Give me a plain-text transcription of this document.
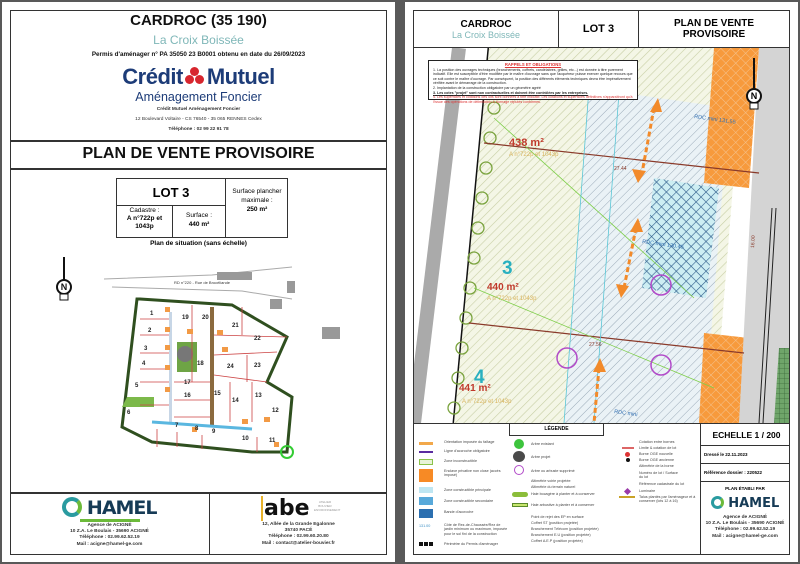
CARDROC (35 190)
La Croix Boissée
Permis d'aménager n° PA 35050 23 B0001 obtenu en date du 26/09/2023
Crédit Mutuel
Aménagement Foncier
Crédit Mutuel Aménagement Foncier
12 Boulevard Voltaire - CS 76540 - 35 065 RENNES Cedex
Téléphone : 02 99 22 91 78
PLAN DE VENTE PROVISOIRE
LOT 3
Cadastre :
A n°722p et 1043p
Surface :
440 m²
Surface plancher maximale :
250 m²
Plan de situation (sans échelle)
N	RD n°220 - Rue de Brocéliande
1
2
3
4
5
6
7	8 9
10	11
12
13
14
15
16
17
18
19 20
21
22
23
24
HAMEL
Agence de ACIGNÉ
10 Z.A. Le Boulais - 35690 ACIGNÉ
Téléphone : 02.99.62.52.19
Mail : acigne@hamel-ge.com
abe	ATELIER BOUVIER ENVIRONNEMENT
12, Allée de la Grande Egalonne
35740 PACÉ
Téléphone : 02.99.60.20.80
Mail : contact@atelier-bouvier.fr
CARDROC
La Croix Boissée	LOT 3	PLAN DE VENTE
PROVISOIRE
N
438 m²
A n°722p et 1043p
3
440 m²
A n°722p et 1043p
4
441 m²
A n°722p et 1043p
RDC mini 131.55
RDC mini 130.45
RDC mini
27.44
27.56
16.00
RAPPELS ET OBLIGATIONS
1. La position des ouvrages techniques (branchements, coffrets, candélabres, grilles, etc...) est donnée à titre purement indicatif. Elle est susceptible d'être modifiée par le maître d'ouvrage sans que l'acquéreur puisse exercer quelque recours que ce soit contre le maître d'ouvrage. Par conséquent, la position des différents éléments techniques devra être impérativement vérifiée avant le démarrage de la construction.
2. Implantation de la construction obligatoire par un géomètre agréé
3. Les cotes "projet" sont non contractuelles et doivent être contrôlées par les entreprises.
4. Les superficies et cotations des lots sont données à titre indicatif. Les cotations et superficies définitives n'apparaîtront qu'à l'issue des opérations de délimitation & bornage réputés conformes.
LÉGENDE
Orientation imposée du faîtage
Ligne d'accroche obligatoire
Zone inconstructible
Enclave privative non close (accès imposé)
Zone constructible principale
Zone constructible secondaire
Bande d'accroche
131.00	Côte de Rez-de-Chaussée/Rez de jardin minimum ou maximum, imposée pour le sol fini de la construction
Périmètre du Permis d'aménager
Arbre existant
Arbre projet
Arbre ou arbuste supprimé
Altimétrie voirie projetée
Altimétrie du terrain naturel
Haie bocagère à planter et à conserver
Haie arbustive à planter et à conserver
Point de rejet des EP en surface
Coffret ST (position projetée)
Branchement Télécom (position projetée)
Branchement E.U (position projetée)
Coffret A.E.P (position projetée)
Cotation entre bornes
Limite & cotation de lot
Borne OGE nouvelle
Borne OGE ancienne
Altimétrie de la borne
Numéro de lot / Surface du lot
Référence cadastrale du lot
Luminaire
Talus plantés par l'aménageur et à conserver (lots 12 à 16)
ECHELLE 1 / 200
Dressé le 22.11.2023
Référence dossier : 220522
PLAN ÉTABLI PAR
HAMEL
Agence de ACIGNÉ
10 Z.A. Le Boulais - 35690 ACIGNÉ
Téléphone : 02.99.62.52.19
Mail : acigne@hamel-ge.com
